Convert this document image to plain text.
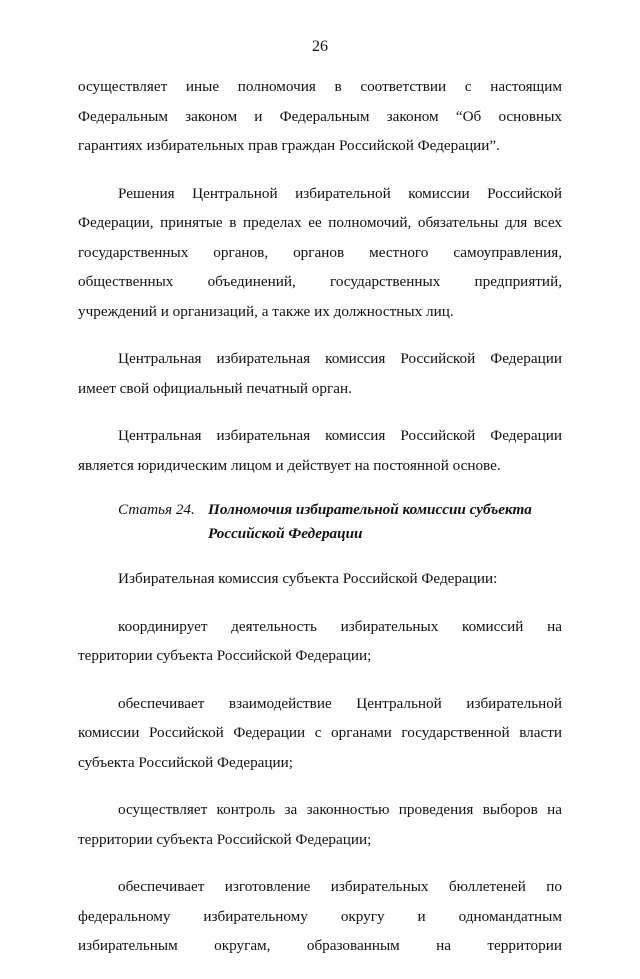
26
осуществляет иные полномочия в соответствии с настоящим
Федеральным законом и Федеральным законом “Об основных
гарантиях избирательных прав граждан Российской Федерации”.
Решения Центральной избирательной комиссии Российской
Федерации, принятые в пределах ее полномочий, обязательны для всех
государственных органов, органов местного самоуправления,
общественных объединений, государственных предприятий,
учреждений и организаций, а также их должностных лиц.
Центральная избирательная комиссия Российской Федерации
имеет свой официальный печатный орган.
Центральная избирательная комиссия Российской Федерации
является юридическим лицом и действует на постоянной основе.
Статья 24. Полномочия избирательной комиссии субъекта
Российской Федерации
Избирательная комиссия субъекта Российской Федерации:
координирует деятельность избирательных комиссий на
территории субъекта Российской Федерации;
обеспечивает взаимодействие Центральной избирательной
комиссии Российской Федерации с органами государственной власти
субъекта Российской Федерации;
осуществляет контроль за законностью проведения выборов на
территории субъекта Российской Федерации;
обеспечивает изготовление избирательных бюллетеней по
федеральному избирательному округу и одномандатным
избирательным округам, образованным на территории
